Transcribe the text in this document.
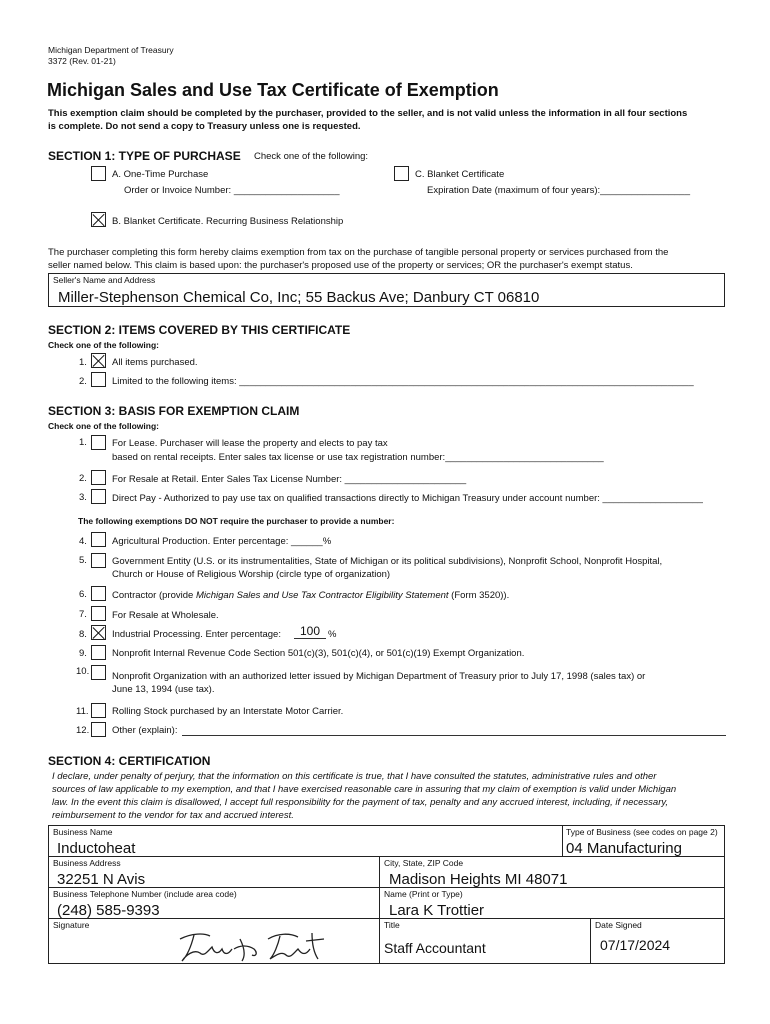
Michigan Department of Treasury
3372 (Rev. 01-21)
Michigan Sales and Use Tax Certificate of Exemption
This exemption claim should be completed by the purchaser, provided to the seller, and is not valid unless the information in all four sections
is complete. Do not send a copy to Treasury unless one is requested.
SECTION 1: TYPE OF PURCHASE Check one of the following:
A. One-Time Purchase
Order or Invoice Number: ____________________
C. Blanket Certificate
Expiration Date (maximum of four years):_________________
B. Blanket Certificate. Recurring Business Relationship
The purchaser completing this form hereby claims exemption from tax on the purchase of tangible personal property or services purchased from the
seller named below. This claim is based upon: the purchaser's proposed use of the property or services; OR the purchaser's exempt status.
Seller's Name and Address
Miller-Stephenson Chemical Co, Inc; 55 Backus Ave; Danbury CT 06810
SECTION 2: ITEMS COVERED BY THIS CERTIFICATE
Check one of the following:
1.	All items purchased.
2.	Limited to the following items: ______________________________________________________________________________________
SECTION 3: BASIS FOR EXEMPTION CLAIM
Check one of the following:
1.	For Lease. Purchaser will lease the property and elects to pay tax
based on rental receipts. Enter sales tax license or use tax registration number:______________________________
2.	For Resale at Retail. Enter Sales Tax License Number: _______________________
3.	Direct Pay - Authorized to pay use tax on qualified transactions directly to Michigan Treasury under account number: ___________________
The following exemptions DO NOT require the purchaser to provide a number:
4.	Agricultural Production. Enter percentage: ______%
5.	Government Entity (U.S. or its instrumentalities, State of Michigan or its political subdivisions), Nonprofit School, Nonprofit Hospital,
Church or House of Religious Worship (circle type of organization)
6.	Contractor (provide Michigan Sales and Use Tax Contractor Eligibility Statement (Form 3520)).
7.	For Resale at Wholesale.
8.	Industrial Processing. Enter percentage:	100 %
9.	Nonprofit Internal Revenue Code Section 501(c)(3), 501(c)(4), or 501(c)(19) Exempt Organization.
10. Nonprofit Organization with an authorized letter issued by Michigan Department of Treasury prior to July 17, 1998 (sales tax) or
June 13, 1994 (use tax).
11. Rolling Stock purchased by an Interstate Motor Carrier.
12. Other (explain):
SECTION 4: CERTIFICATION
I declare, under penalty of perjury, that the information on this certificate is true, that I have consulted the statutes, administrative rules and other
sources of law applicable to my exemption, and that I have exercised reasonable care in assuring that my claim of exemption is valid under Michigan
law. In the event this claim is disallowed, I accept full responsibility for the payment of tax, penalty and any accrued interest, including, if necessary,
reimbursement to the vendor for tax and accrued interest.
Business Name
Inductoheat
Type of Business (see codes on page 2)
04 Manufacturing
Business Address
32251 N Avis
City, State, ZIP Code
Madison Heights MI 48071
Business Telephone Number (include area code)
(248) 585-9393
Name (Print or Type)
Lara K Trottier
Signature	Title
Staff Accountant
Date Signed
07/17/2024
